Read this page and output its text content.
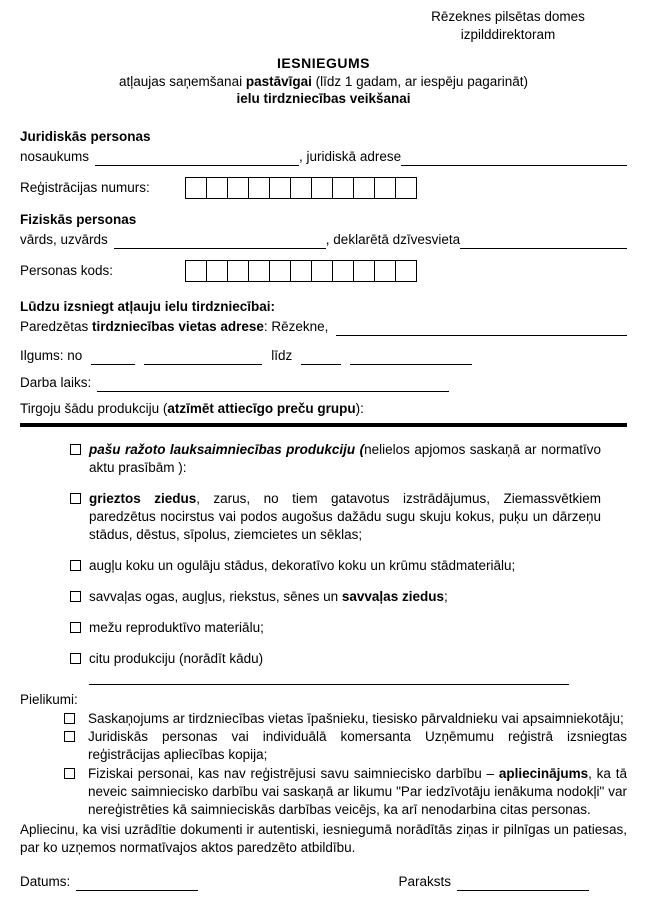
Rēzeknes pilsētas domes
izpilddirektoram
IESNIEGUMS
atļaujas saņemšanai pastāvīgai (līdz 1 gadam, ar iespēju pagarināt)
ielu tirdzniecības veikšanai
Juridiskās personas
nosaukums	, juridiskā adrese
Reģistrācijas numurs:
Fiziskās personas
vārds, uzvārds	, deklarētā dzīvesvieta
Personas kods:
Lūdzu izsniegt atļauju ielu tirdzniecībai:
Paredzētas tirdzniecības vietas adrese: Rēzekne,
Ilgums: no	līdz
Darba laiks:
Tirgoju šādu produkciju (atzīmēt attiecīgo preču grupu):
pašu ražoto lauksaimniecības produkciju (nelielos apjomos saskaņā ar normatīvo aktu prasībām ):
grieztos ziedus, zarus, no tiem gatavotus izstrādājumus, Ziemassvētkiem paredzētus nocirstus vai podos augošus dažādu sugu skuju kokus, puķu un dārzeņu stādus, dēstus, sīpolus, ziemcietes un sēklas;
augļu koku un ogulāju stādus, dekoratīvo koku un krūmu stādmateriālu;
savvaļas ogas, augļus, riekstus, sēnes un savvaļas ziedus;
mežu reproduktīvo materiālu;
citu produkciju (norādīt kādu)
Pielikumi:
Saskaņojums ar tirdzniecības vietas īpašnieku, tiesisko pārvaldnieku vai apsaimniekotāju;
Juridiskās personas vai individuālā komersanta Uzņēmumu reģistrā izsniegtas reģistrācijas apliecības kopija;
Fiziskai personai, kas nav reģistrējusi savu saimniecisko darbību – apliecinājums, ka tā neveic saimniecisko darbību vai saskaņā ar likumu "Par iedzīvotāju ienākuma nodokļi" var nereģistrēties kā saimnieciskās darbības veicējs, ka arī nenodarbina citas personas.
Apliecinu, ka visi uzrādītie dokumenti ir autentiski, iesniegumā norādītās ziņas ir pilnīgas un patiesas, par ko uzņemos normatīvajos aktos paredzēto atbildību.
Datums:	Paraksts
